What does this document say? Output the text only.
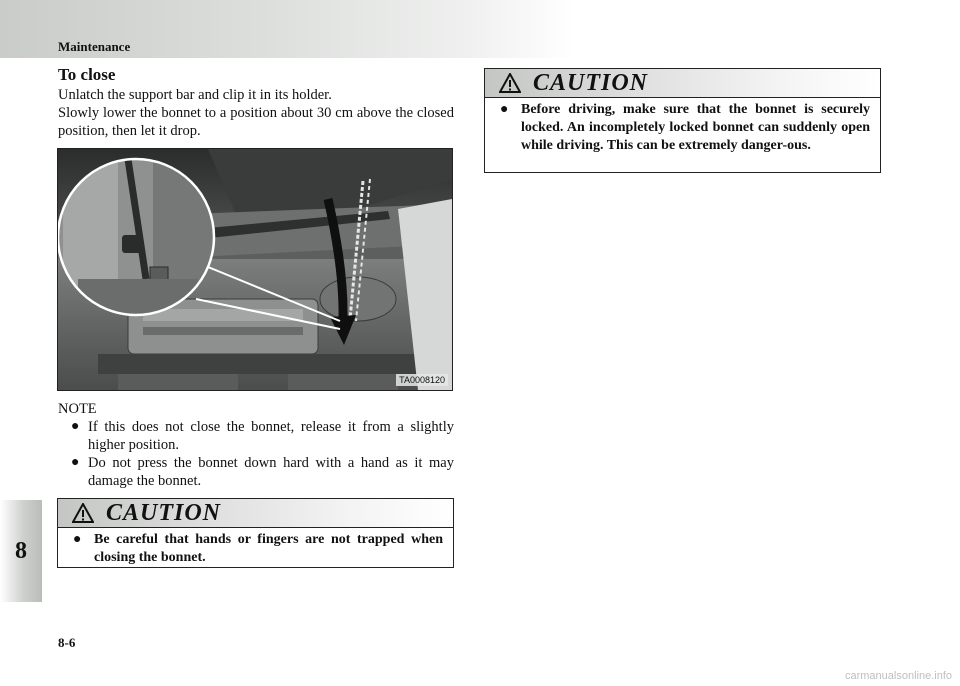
Maintenance
8
8-6
To close

Unlatch the support bar and clip it in its holder.

Slowly lower the bonnet to a position about 30 cm above the closed position, then let it drop.

TA0008120
NOTE
● If this does not close the bonnet, release it from a slightly higher position.
● Do not press the bonnet down hard with a hand as it may damage the bonnet.
CAUTION
● Be careful that hands or fingers are not trapped when closing the bonnet.
CAUTION
● Before driving, make sure that the bonnet is securely locked. An incompletely locked bonnet can suddenly open while driving. This can be extremely danger-ous.
carmanualsonline.info
